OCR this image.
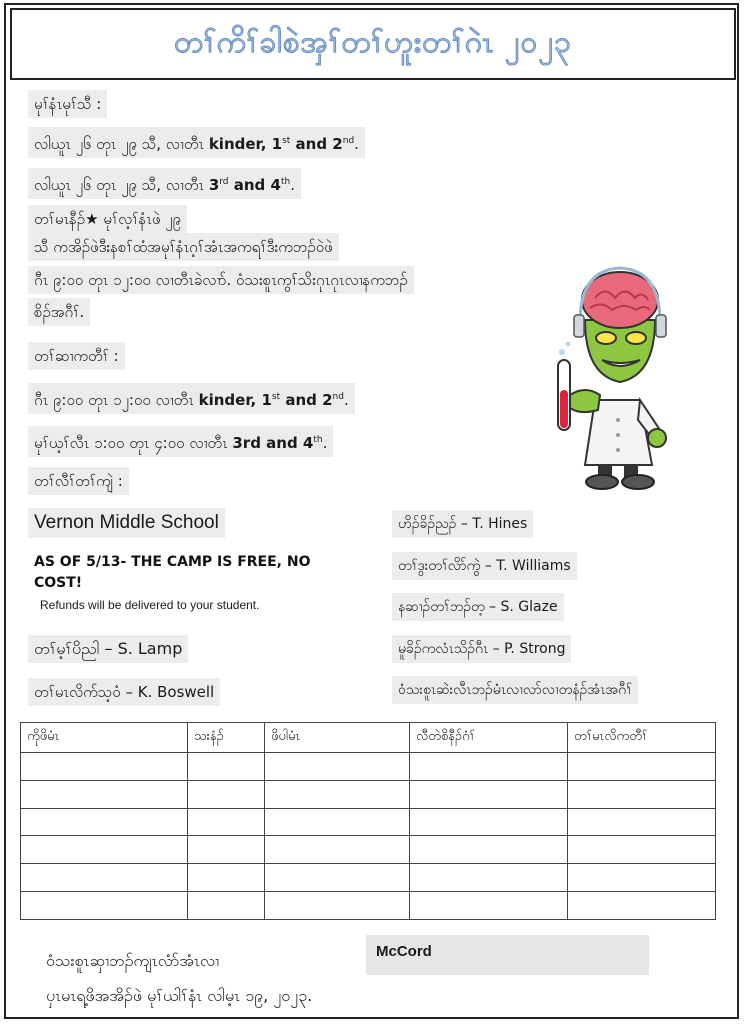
တၢ်ကိၢ်ခါစဲအှၢ်တၢ်ဟူးတၢ်ဂဲၤ ၂၀၂၃
မုၢ်နံၤမုၢ်သီ :
လါယူၤ ၂၆ တုၤ ၂၉ သီ, လၢတီၤ kinder, 1st and 2nd.
လါယူၤ ၂၆ တုၤ ၂၉ သီ, လၢတီၤ 3rd and 4th.
တၢ်မၤနီၣ်★ မုၢ်လ့ၢ်နံၤဖဲ ၂၉
သီ ကအိၣ်ဖဲဒီးနစၢ်ထံအမုၢ်နံၤဂ့ၢ်အံၤအကရၢ်ဒီးကဘၣ်ဝဲဖဲ
ဂီၤ ၉:၀၀ တုၤ ၁၂:၀၀ လၢတီၤခဲလၢာ်. ဝံသးစူၤကွၢ်သိးဂုၤဂုၤလၢနကဘၣ်
စိၣ်အဂီၢ်.
တၢ်ဆၢကတီၢ် :
ဂီၤ ၉:၀၀ တုၤ ၁၂:၀၀ လၢတီၤ kinder, 1st and 2nd.
မုၢ်ယ့ၢ်လီၤ ၁:၀၀ တုၤ ၄:၀၀ လၢတီၤ 3rd and 4th.
တၢ်လီၢ်တၢ်ကျဲ :
Vernon Middle School
AS OF 5/13- THE CAMP IS FREE, NO COST!
Refunds will be delivered to your student.
တၢ်မ့ၢ်ပိညါ – S. Lamp
တၢ်မၤလိက်သ့ဝံ – K. Boswell
ဟိၣ်ခိၣ်ညၣ် – T. Hines
တၢ်ဒွးတၢ်လိာ်ကွဲ – T. Williams
နဆၢၣ်တၢ်ဘၣ်တ့ – S. Glaze
မူခိၣ်ကလံၤသိၣ်ဂီၤ – P. Strong
ဝံသးစူၤဆဲးလီၤဘၣ်မံၤလၢလာ်လၢတနံၣ်အံၤအဂီၢ်
ကိုဖိမံၤ	သးနံၣ်	ဖိပါမံၤ	လီတဲစိနီၣ်ဂံၢ်	တၢ်မၤလိကတီၢ်

ဝံသးစူၤဆှၢဘၣ်ကျၤလံာ်အံၤလၢ	McCord
ပှၤမၤရ့ဖိအအိၣ်ဖဲ မုၢ်ယါၢ်နံၤ လါမ့ၤ ၁၉, ၂၀၂၃.
